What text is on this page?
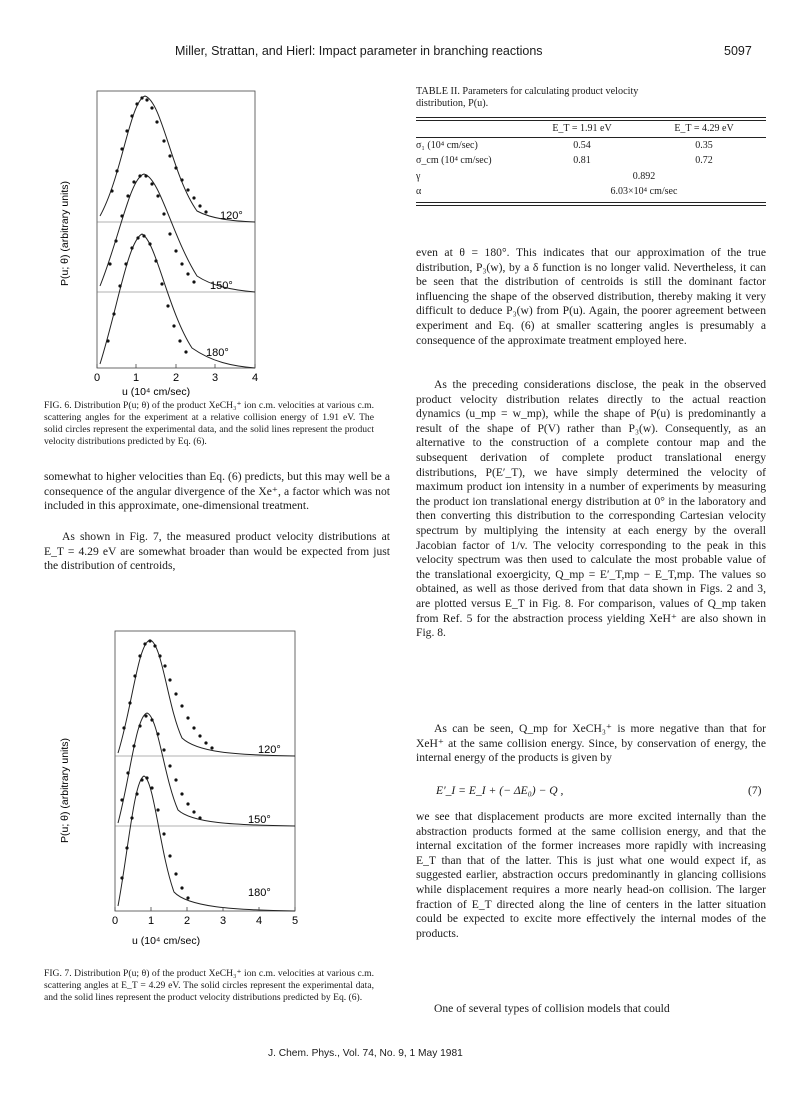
Miller, Strattan, and Hierl: Impact parameter in branching reactions	5097
0	1	2	3	4
120°
150°
180°
u (10⁴ cm/sec)
P(u; θ) (arbitrary units)
FIG. 6. Distribution P(u; θ) of the product XeCH₃⁺ ion c.m. velocities at various c.m. scattering angles for the experiment at a relative collision energy of 1.91 eV. The solid circles represent the experimental data, and the solid lines represent the product velocity distributions predicted by Eq. (6).

somewhat to higher velocities than Eq. (6) predicts, but this may well be a consequence of the angular divergence of the Xe⁺, a factor which was not included in this approximate, one-dimensional treatment.

As shown in Fig. 7, the measured product velocity distributions at E_T = 4.29 eV are somewhat broader than would be expected from just the distribution of centroids,

0	1	2	3	4	5
120°
150°
180°
u (10⁴ cm/sec)
P(u; θ) (arbitrary units)
FIG. 7. Distribution P(u; θ) of the product XeCH₃⁺ ion c.m. velocities at various c.m. scattering angles at E_T = 4.29 eV. The solid circles represent the experimental data, and the solid lines represent the product velocity distributions predicted by Eq. (6).
TABLE II. Parameters for calculating product velocity distribution, P(u).
	E_T = 1.91 eV	E_T = 4.29 eV
σ₁ (10⁴ cm/sec)	0.54	0.35
σ_cm (10⁴ cm/sec)	0.81	0.72
γ	0.892	
α	6.03×10⁴ cm/sec	

even at θ = 180°. This indicates that our approximation of the true distribution, P₃(w), by a δ function is no longer valid. Nevertheless, it can be seen that the distribution of centroids is still the dominant factor influencing the shape of the observed distribution, thereby making it very difficult to deduce P₃(w) from P(u). Again, the poorer agreement between experiment and Eq. (6) at smaller scattering angles is presumably a consequence of the approximate treatment employed here.

As the preceding considerations disclose, the peak in the observed product velocity distribution relates directly to the actual reaction dynamics (u_mp = w_mp), while the shape of P(u) is predominantly a result of the shape of P(V) rather than P₃(w). Consequently, as an alternative to the construction of a complete contour map and the subsequent derivation of complete product translational energy distributions, P(E′_T), we have simply determined the velocity of maximum product ion intensity in a number of experiments by measuring the product ion translational energy distribution at 0° in the laboratory and then converting this distribution to the corresponding Cartesian velocity spectrum by multiplying the intensity at each energy by the overall Jacobian factor of 1/v. The velocity corresponding to the peak in this velocity spectrum was then used to calculate the most probable value of the translational exoergicity, Q_mp = E′_T,mp − E_T,mp. The values so obtained, as well as those derived from that data shown in Figs. 2 and 3, are plotted versus E_T in Fig. 8. For comparison, values of Q_mp taken from Ref. 5 for the abstraction process yielding XeH⁺ are also shown in Fig. 8.

As can be seen, Q_mp for XeCH₃⁺ is more negative than that for XeH⁺ at the same collision energy. Since, by conservation of energy, the internal energy of the products is given by

E′_I = E_I + (− ΔE₀) − Q ,	(7)

we see that displacement products are more excited internally than the abstraction products formed at the same collision energy, and that the internal excitation of the former increases more rapidly with increasing E_T than that of the latter. This is just what one would expect if, as suggested earlier, abstraction occurs predominantly in glancing collisions while displacement requires a more nearly head-on collision. The larger fraction of E_T directed along the line of centers in the latter situation could be expected to excite more effectively the internal modes of the products.

One of several types of collision models that could

J. Chem. Phys., Vol. 74, No. 9, 1 May 1981
